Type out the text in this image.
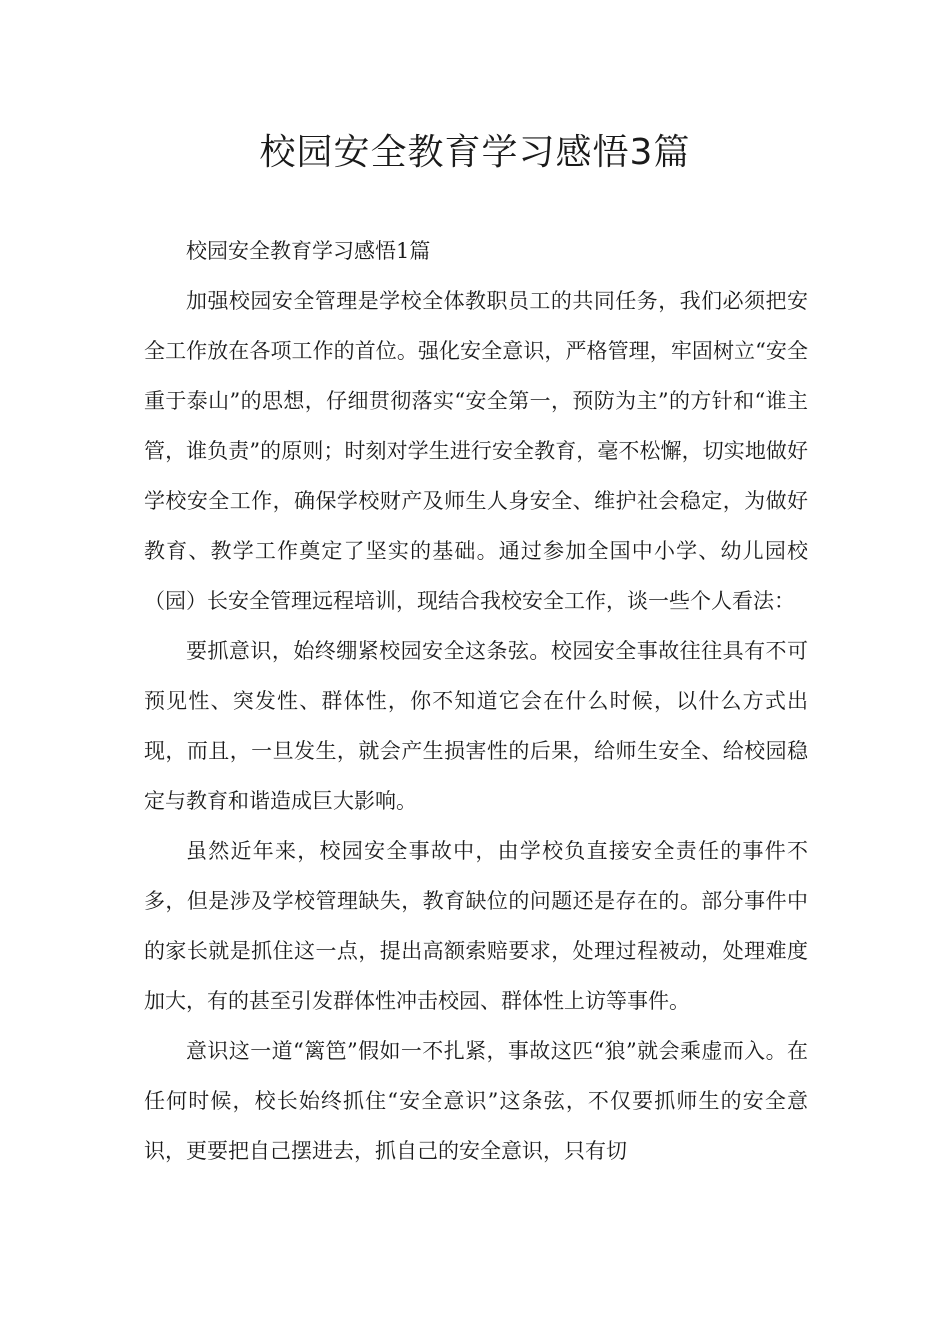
校园安全教育学习感悟3篇

校园安全教育学习感悟1篇

加强校园安全管理是学校全体教职员工的共同任务，我们必须把安全工作放在各项工作的首位。强化安全意识，严格管理，牢固树立“安全重于泰山”的思想，仔细贯彻落实“安全第一，预防为主”的方针和“谁主管，谁负责”的原则；时刻对学生进行安全教育，毫不松懈，切实地做好学校安全工作，确保学校财产及师生人身安全、维护社会稳定，为做好教育、教学工作奠定了坚实的基础。通过参加全国中小学、幼儿园校（园）长安全管理远程培训，现结合我校安全工作，谈一些个人看法：

要抓意识，始终绷紧校园安全这条弦。校园安全事故往往具有不可预见性、突发性、群体性，你不知道它会在什么时候，以什么方式出现，而且，一旦发生，就会产生损害性的后果，给师生安全、给校园稳定与教育和谐造成巨大影响。

虽然近年来，校园安全事故中，由学校负直接安全责任的事件不多，但是涉及学校管理缺失，教育缺位的问题还是存在的。部分事件中的家长就是抓住这一点，提出高额索赔要求，处理过程被动，处理难度加大，有的甚至引发群体性冲击校园、群体性上访等事件。

意识这一道“篱笆”假如一不扎紧，事故这匹“狼”就会乘虚而入。在任何时候，校长始终抓住“安全意识”这条弦，不仅要抓师生的安全意识，更要把自己摆进去，抓自己的安全意识，只有切
